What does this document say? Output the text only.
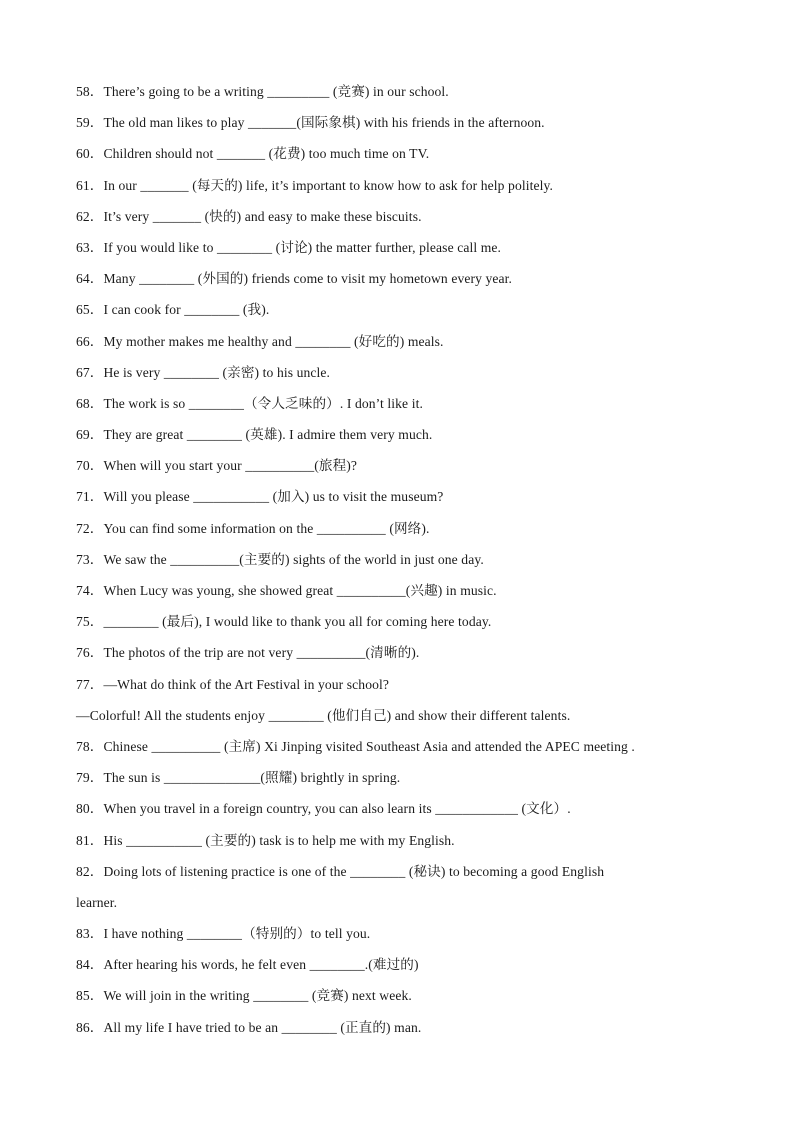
58．There’s going to be a writing _________ (竞赛) in our school.
59．The old man likes to play _______(国际象棋) with his friends in the afternoon.
60．Children should not _______ (花费) too much time on TV.
61．In our _______ (每天的) life, it’s important to know how to ask for help politely.
62．It’s very _______ (快的) and easy to make these biscuits.
63．If you would like to ________ (讨论) the matter further, please call me.
64．Many ________ (外国的) friends come to visit my hometown every year.
65．I can cook for ________ (我).
66．My mother makes me healthy and ________ (好吃的) meals.
67．He is very ________ (亲密) to his uncle.
68．The work is so ________（令人乏味的）. I don’t like it.
69．They are great ________ (英雄). I admire them very much.
70．When will you start your __________(旅程)?
71．Will you please ___________ (加入) us to visit the museum?
72．You can find some information on the __________ (网络).
73．We saw the __________(主要的) sights of the world in just one day.
74．When Lucy was young, she showed great __________(兴趣) in music.
75．________ (最后), I would like to thank you all for coming here today.
76．The photos of the trip are not very __________(清晰的).
77．—What do think of the Art Festival in your school?
—Colorful! All the students enjoy ________ (他们自己) and show their different talents.
78．Chinese __________ (主席) Xi Jinping visited Southeast Asia and attended the APEC meeting .
79．The sun is ______________(照耀) brightly in spring.
80．When you travel in a foreign country, you can also learn its ____________ (文化）.
81．His ___________ (主要的) task is to help me with my English.
82．Doing lots of listening practice is one of the ________ (秘诀) to becoming a good English
learner.
83．I have nothing ________（特别的）to tell you.
84．After hearing his words, he felt even ________.(难过的)
85．We will join in the writing ________ (竞赛) next week.
86．All my life I have tried to be an ________ (正直的) man.
